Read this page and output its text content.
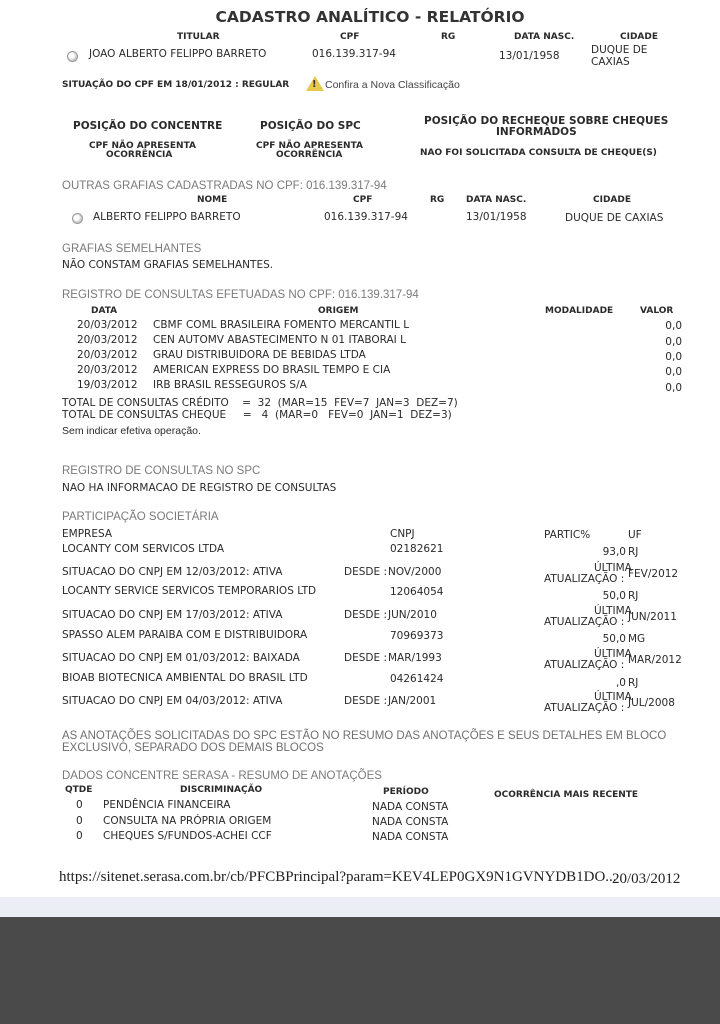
CADASTRO ANALÍTICO - RELATÓRIO
TITULAR	CPF	RG	DATA NASC.	CIDADE
JOAO ALBERTO FELIPPO BARRETO	016.139.317-94	13/01/1958	DUQUE DE
CAXIAS
SITUAÇÃO DO CPF EM 18/01/2012 : REGULAR ! Confira a Nova Classificação
POSIÇÃO DO CONCENTRE
CPF NÃO APRESENTA
OCORRÊNCIA
POSIÇÃO DO SPC
CPF NÃO APRESENTA
OCORRÊNCIA
POSIÇÃO DO RECHEQUE SOBRE CHEQUES
INFORMADOS
NAO FOI SOLICITADA CONSULTA DE CHEQUE(S)
OUTRAS GRAFIAS CADASTRADAS NO CPF: 016.139.317-94
NOME	CPF	RG DATA NASC.	CIDADE
ALBERTO FELIPPO BARRETO	016.139.317-94	13/01/1958	DUQUE DE CAXIAS
GRAFIAS SEMELHANTES
NÃO CONSTAM GRAFIAS SEMELHANTES.
REGISTRO DE CONSULTAS EFETUADAS NO CPF: 016.139.317-94
DATA	ORIGEM	MODALIDADE	VALOR
20/03/2012 CBMF COML BRASILEIRA FOMENTO MERCANTIL L	0,0
20/03/2012 CEN AUTOMV ABASTECIMENTO N 01 ITABORAI L	0,0
20/03/2012 GRAU DISTRIBUIDORA DE BEBIDAS LTDA	0,0
20/03/2012 AMERICAN EXPRESS DO BRASIL TEMPO E CIA	0,0
19/03/2012 IRB BRASIL RESSEGUROS S/A	0,0
TOTAL DE CONSULTAS CRÉDITO    =  32  (MAR=15  FEV=7  JAN=3  DEZ=7)
TOTAL DE CONSULTAS CHEQUE     =   4  (MAR=0   FEV=0  JAN=1  DEZ=3)
Sem indicar efetiva operação.
REGISTRO DE CONSULTAS NO SPC
NAO HA INFORMACAO DE REGISTRO DE CONSULTAS
PARTICIPAÇÃO SOCIETÁRIA
EMPRESA	CNPJ	PARTIC%	UF
LOCANTY COM SERVICOS LTDA	02182621	93,0 RJ
SITUACAO DO CNPJ EM 12/03/2012: ATIVA	DESDE : NOV/2000	ÚLTIMA
ATUALIZAÇÃO : FEV/2012
LOCANTY SERVICE SERVICOS TEMPORARIOS LTD	12064054	50,0 RJ
SITUACAO DO CNPJ EM 17/03/2012: ATIVA	DESDE : JUN/2010	ÚLTIMA
ATUALIZAÇÃO : JUN/2011
SPASSO ALEM PARAIBA COM E DISTRIBUIDORA	70969373	50,0 MG
SITUACAO DO CNPJ EM 01/03/2012: BAIXADA	DESDE : MAR/1993	ÚLTIMA
ATUALIZAÇÃO : MAR/2012
BIOAB BIOTECNICA AMBIENTAL DO BRASIL LTD	04261424	,0 RJ
SITUACAO DO CNPJ EM 04/03/2012: ATIVA	DESDE : JAN/2001	ÚLTIMA
ATUALIZAÇÃO : JUL/2008
AS ANOTAÇÕES SOLICITADAS DO SPC ESTÃO NO RESUMO DAS ANOTAÇÕES E SEUS DETALHES EM BLOCO
EXCLUSIVO, SEPARADO DOS DEMAIS BLOCOS
DADOS CONCENTRE SERASA - RESUMO DE ANOTAÇÕES
QTDE	DISCRIMINAÇÃO	PERÍODO	OCORRÊNCIA MAIS RECENTE
0 PENDÊNCIA FINANCEIRA	NADA CONSTA
0 CONSULTA NA PRÓPRIA ORIGEM	NADA CONSTA
0 CHEQUES S/FUNDOS-ACHEI CCF	NADA CONSTA
https://sitenet.serasa.com.br/cb/PFCBPrincipal?param=KEV4LEP0GX9N1GVNYDB1DO...
20/03/2012
